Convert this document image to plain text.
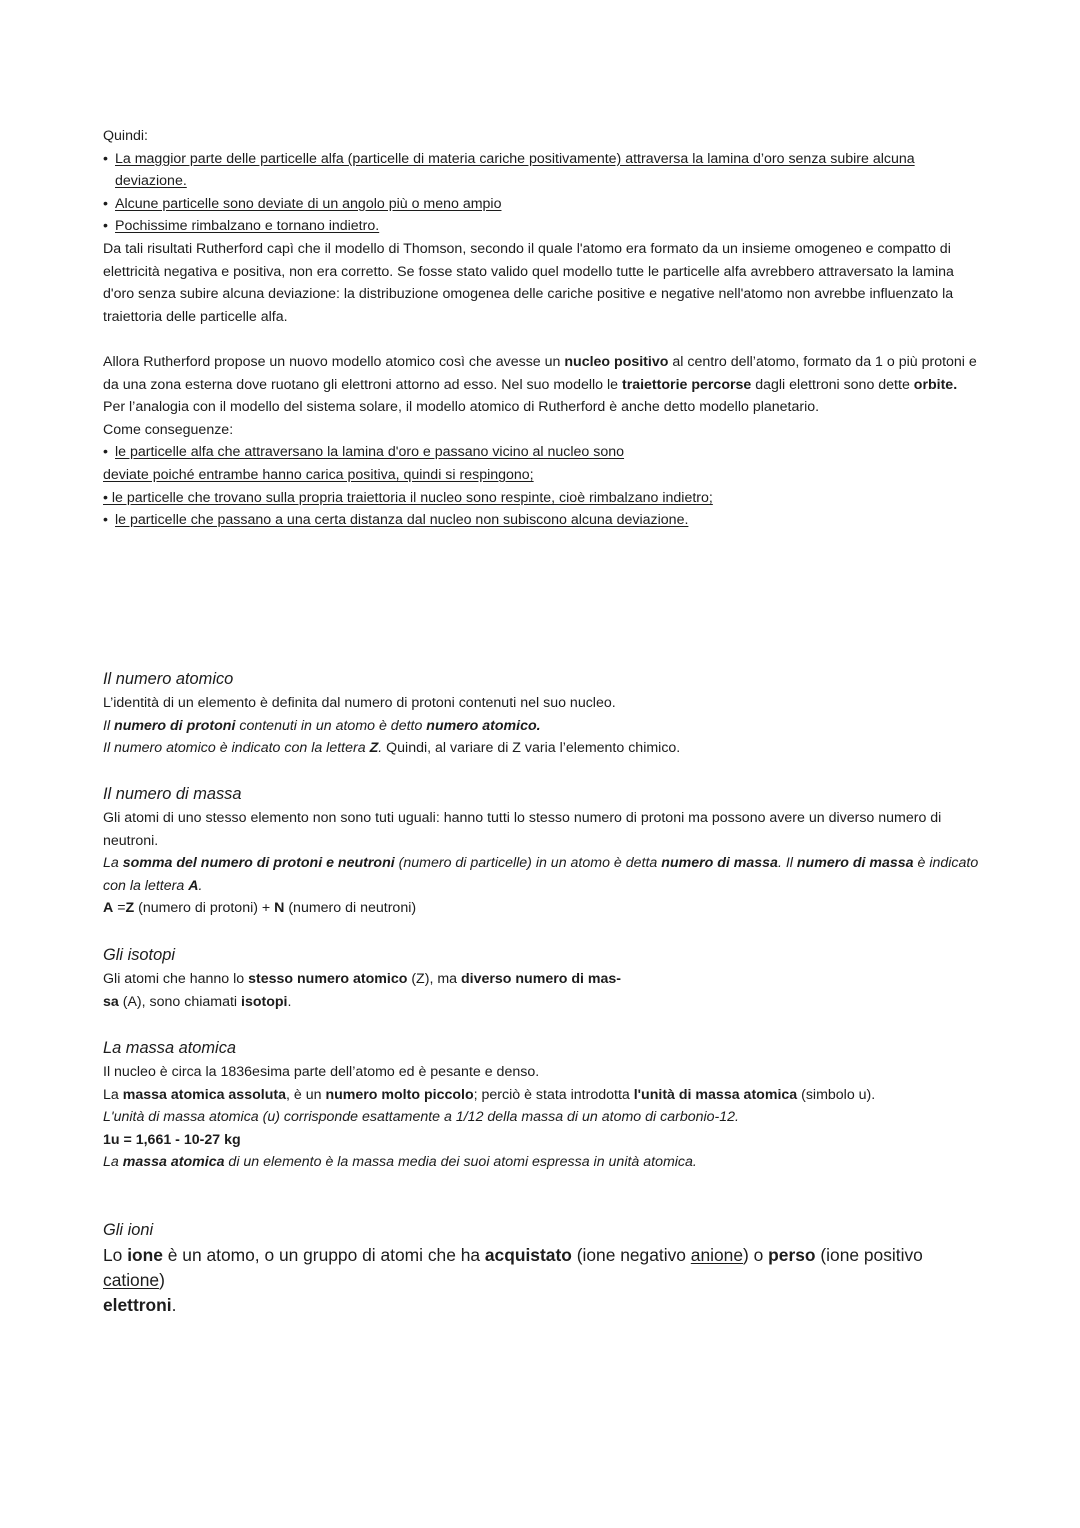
Quindi:

• La maggior parte delle particelle alfa (particelle di materia cariche positivamente) attraversa la lamina d’oro senza subire alcuna deviazione.
• Alcune particelle sono deviate di un angolo più o meno ampio
• Pochissime rimbalzano e tornano indietro.

Da tali risultati Rutherford capì che il modello di Thomson, secondo il quale l'atomo era formato da un insieme omogeneo e compatto di elettricità negativa e positiva, non era corretto. Se fosse stato valido quel modello tutte le particelle alfa avrebbero attraversato la lamina d'oro senza subire alcuna deviazione: la distribuzione omogenea delle cariche positive e negative nell'atomo non avrebbe influenzato la traiettoria delle particelle alfa.

Allora Rutherford propose un nuovo modello atomico così che avesse un nucleo positivo al centro dell’atomo, formato da 1 o più protoni e da una zona esterna dove ruotano gli elettroni attorno ad esso. Nel suo modello le traiettorie percorse dagli elettroni sono dette orbite. Per l’analogia con il modello del sistema solare, il modello atomico di Rutherford è anche detto modello planetario.

Come conseguenze:

• le particelle alfa che attraversano la lamina d'oro e passano vicino al nucleo sono

deviate poiché entrambe hanno carica positiva, quindi si respingono;

• le particelle che trovano sulla propria traiettoria il nucleo sono respinte, cioè rimbalzano indietro;

• le particelle che passano a una certa distanza dal nucleo non subiscono alcuna deviazione.

Il numero atomico

L’identità di un elemento è definita dal numero di protoni contenuti nel suo nucleo.

Il numero di protoni contenuti in un atomo è detto numero atomico.

Il numero atomico è indicato con la lettera Z. Quindi, al variare di Z varia l’elemento chimico.

Il numero di massa

Gli atomi di uno stesso elemento non sono tuti uguali: hanno tutti lo stesso numero di protoni ma possono avere un diverso numero di neutroni.

La somma del numero di protoni e neutroni (numero di particelle) in un atomo è detta numero di massa. Il numero di massa è indicato con la lettera A.

A =Z (numero di protoni) + N (numero di neutroni)

Gli isotopi

Gli atomi che hanno lo stesso numero atomico (Z), ma diverso numero di mas-
sa (A), sono chiamati isotopi.

La massa atomica

Il nucleo è circa la 1836esima parte dell’atomo ed è pesante e denso.

La massa atomica assoluta, è un numero molto piccolo; perciò è stata introdotta l'unità di massa atomica (simbolo u).

L'unità di massa atomica (u) corrisponde esattamente a 1/12 della massa di un atomo di carbonio-12.

1u = 1,661 - 10-27 kg

La massa atomica di un elemento è la massa media dei suoi atomi espressa in unità atomica.

Gli ioni

Lo ione è un atomo, o un gruppo di atomi che ha acquistato (ione negativo anione) o perso (ione positivo catione)
elettroni.
